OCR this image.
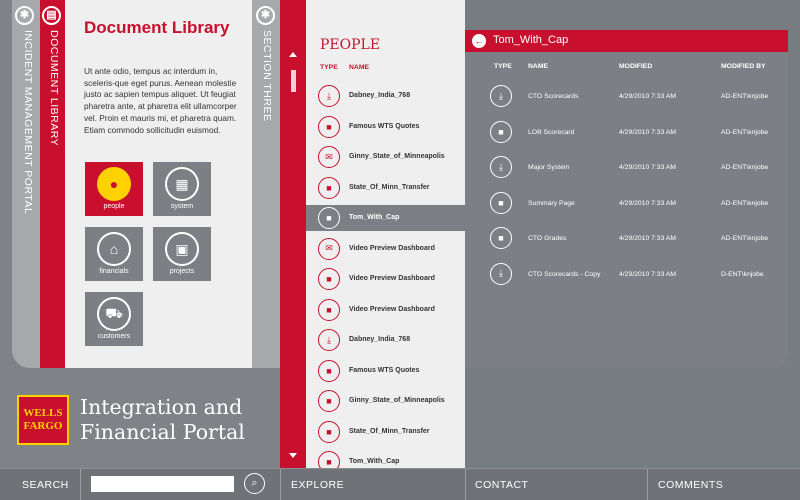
✱
INCIDENT MANAGEMENT PORTAL
▤
DOCUMENT LIBRARY
Document Library
Ut ante odio, tempus ac interdum in, sceleris-que eget purus. Aenean molestie justo ac sapien tempus aliquet. Ut feugiat pharetra ante, at pharetra elit ullamcorper vel. Proin et mauris mi, et pharetra quam. Etiam commodo sollicitudin euismod.
●
people
▦
system
⌂
financials
▣
projects
⛟
customers
✱
SECTION THREE
WELLS
FARGO
Integration and
Financial Portal
PEOPLE
TYPE NAME
⤓	Dabney_India_768
■	Famous WTS Quotes
✉	Ginny_State_of_Minneapolis
■	State_Of_Minn_Transfer
■	Tom_With_Cap
✉	Video Preview Dashboard
■	Video Preview Dashboard
■	Video Preview Dashboard
⤓	Dabney_India_768
■	Famous WTS Quotes
■	Ginny_State_of_Minneapolis
■	State_Of_Minn_Transfer
■	Tom_With_Cap
← Tom_With_Cap
TYPE NAME	MODIFIED	MODIFIED BY
⤓	CTO Scorecards	4/29/2010 7:33 AM	AD-ENT\knjobe
■	LOB Scorecard	4/29/2010 7:33 AM	AD-ENT\knjobe
⤓	Major System	4/29/2010 7:33 AM	AD-ENT\knjobe
■	Summary Page	4/29/2010 7:33 AM	AD-ENT\knjobe
■	CTO Grades	4/29/2010 7:33 AM	AD-ENT\knjobe
⤓	CTO Scorecards - Copy	4/29/2010 7:33 AM	D-ENT\knjobe
SEARCH	⌕	EXPLORE	CONTACT	COMMENTS
